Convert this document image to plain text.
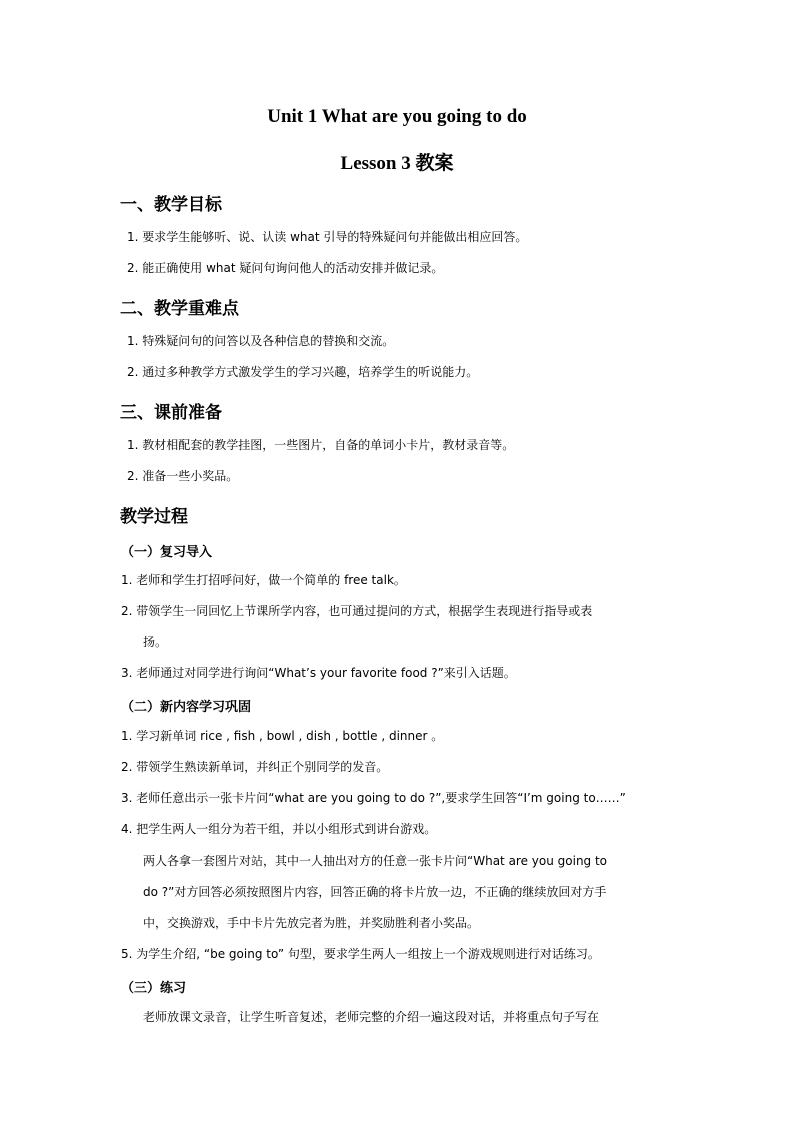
Unit 1 What are you going to do
Lesson 3 教案
一、教学目标
1. 要求学生能够听、说、认读 what 引导的特殊疑问句并能做出相应回答。
2. 能正确使用 what 疑问句询问他人的活动安排并做记录。
二、教学重难点
1. 特殊疑问句的问答以及各种信息的替换和交流。
2. 通过多种教学方式激发学生的学习兴趣，培养学生的听说能力。
三、课前准备
1. 教材相配套的教学挂图，一些图片，自备的单词小卡片，教材录音等。
2. 准备一些小奖品。
教学过程
（一）复习导入
1. 老师和学生打招呼问好，做一个简单的 free talk。
2. 带领学生一同回忆上节课所学内容，也可通过提问的方式，根据学生表现进行指导或表
扬。
3. 老师通过对同学进行询问“What’s your favorite food ?”来引入话题。
（二）新内容学习巩固
1. 学习新单词 rice , fish , bowl , dish , bottle , dinner 。
2. 带领学生熟读新单词，并纠正个别同学的发音。
3. 老师任意出示一张卡片问“what are you going to do ?”,要求学生回答“I’m going to……”
4. 把学生两人一组分为若干组，并以小组形式到讲台游戏。
两人各拿一套图片对站，其中一人抽出对方的任意一张卡片问“What are you going to
do ?”对方回答必须按照图片内容，回答正确的将卡片放一边，不正确的继续放回对方手
中，交换游戏，手中卡片先放完者为胜，并奖励胜利者小奖品。
5. 为学生介绍, “be going to” 句型，要求学生两人一组按上一个游戏规则进行对话练习。
（三）练习
老师放课文录音，让学生听音复述，老师完整的介绍一遍这段对话，并将重点句子写在
